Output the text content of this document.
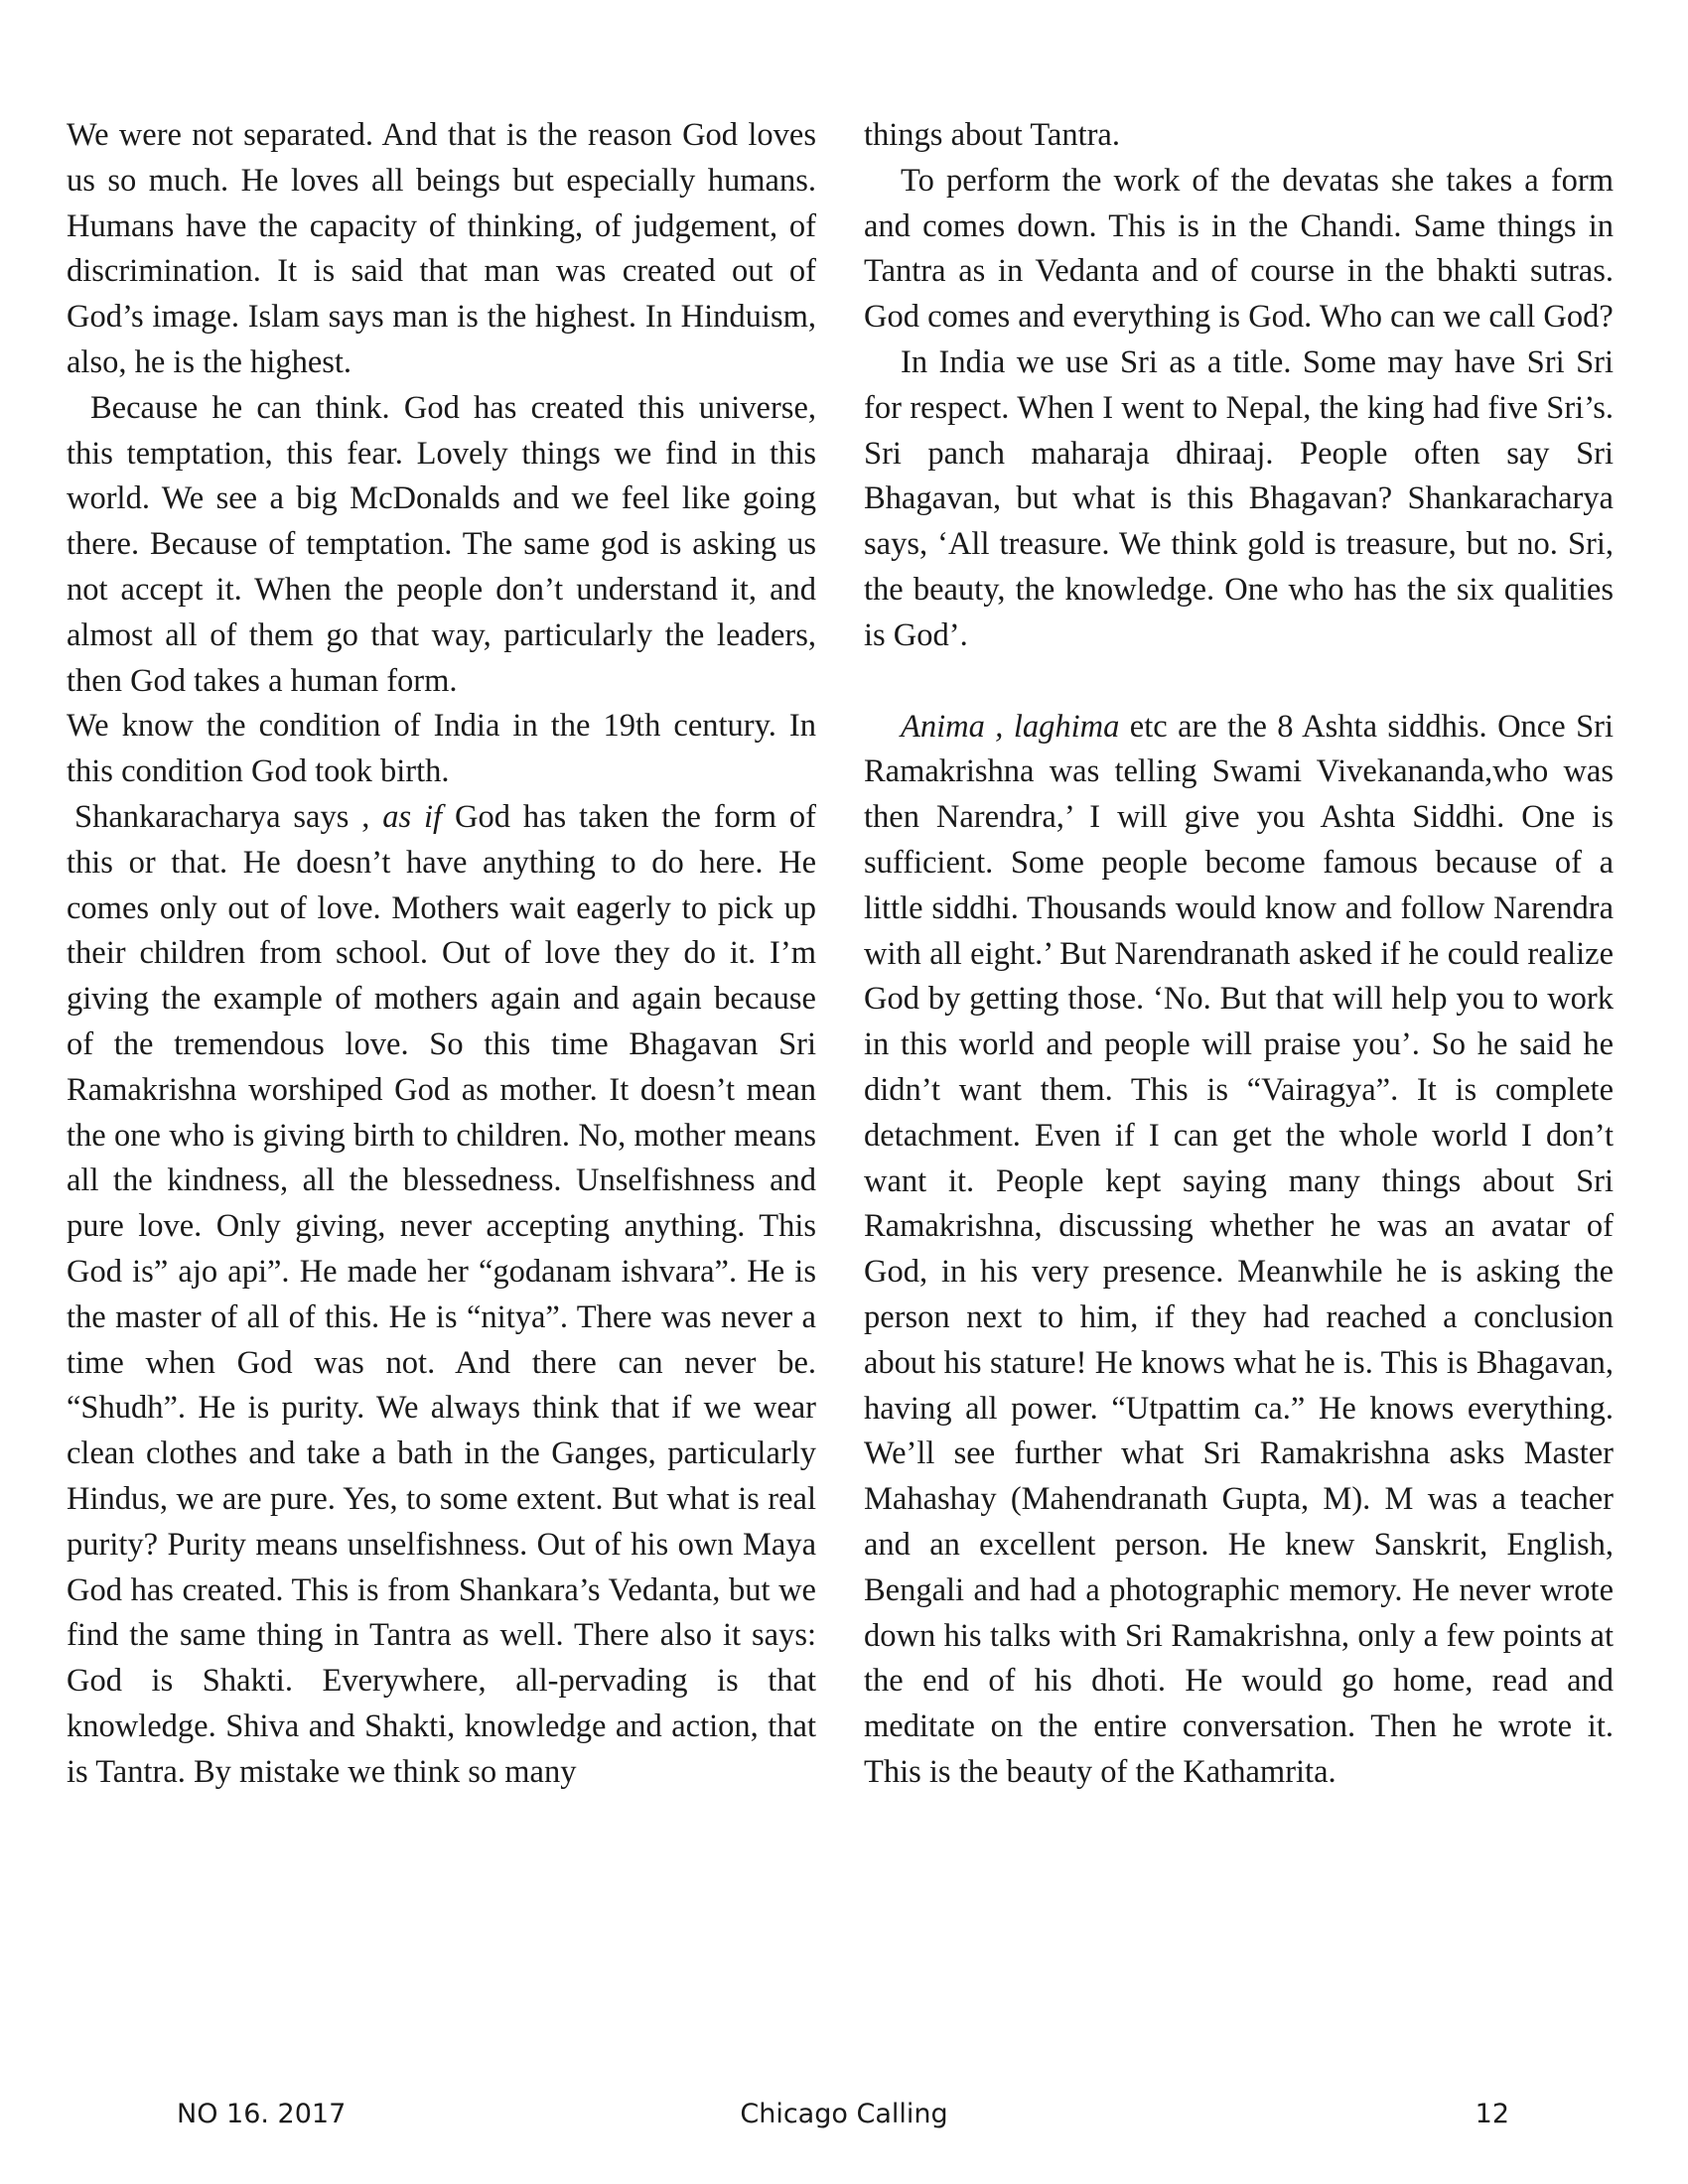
We were not separated. And that is the reason God loves us so much. He loves all beings but especially humans. Humans have the capacity of thinking, of judgement, of discrimination. It is said that man was created out of God’s image. Islam says man is the highest. In Hinduism, also, he is the highest.

Because he can think. God has created this universe, this temptation, this fear. Lovely things we find in this world. We see a big McDonalds and we feel like going there. Because of temptation. The same god is asking us not accept it. When the people don’t understand it, and almost all of them go that way, particularly the leaders, then God takes a human form.

We know the condition of India in the 19th century. In this condition God took birth.

Shankaracharya says , as if God has taken the form of this or that. He doesn’t have anything to do here. He comes only out of love. Mothers wait eagerly to pick up their children from school. Out of love they do it. I’m giving the example of mothers again and again because of the tremendous love. So this time Bhagavan Sri Ramakrishna worshiped God as mother. It doesn’t mean the one who is giving birth to children. No, mother means all the kindness, all the blessedness. Unselfishness and pure love. Only giving, never accepting anything. This God is” ajo api”. He made her “godanam ishvara”. He is the master of all of this. He is “nitya”. There was never a time when God was not. And there can never be. “Shudh”. He is purity. We always think that if we wear clean clothes and take a bath in the Ganges, particularly Hindus, we are pure. Yes, to some extent. But what is real purity? Purity means unselfishness. Out of his own Maya God has created. This is from Shankara’s Vedanta, but we find the same thing in Tantra as well. There also it says: God is Shakti. Everywhere, all-pervading is that knowledge. Shiva and Shakti, knowledge and action, that is Tantra. By mistake we think so many

things about Tantra.

To perform the work of the devatas she takes a form and comes down. This is in the Chandi. Same things in Tantra as in Vedanta and of course in the bhakti sutras. God comes and everything is God. Who can we call God?

In India we use Sri as a title. Some may have Sri Sri for respect. When I went to Nepal, the king had five Sri’s. Sri panch maharaja dhiraaj. People often say Sri Bhagavan, but what is this Bhagavan? Shankaracharya says, ‘All treasure. We think gold is treasure, but no. Sri, the beauty, the knowledge. One who has the six qualities is God’.

Anima , laghima etc are the 8 Ashta siddhis. Once Sri Ramakrishna was telling Swami Vivekananda,who was then Narendra,’ I will give you Ashta Siddhi. One is sufficient. Some people become famous because of a little siddhi. Thousands would know and follow Narendra with all eight.’ But Narendranath asked if he could realize God by getting those. ‘No. But that will help you to work in this world and people will praise you’. So he said he didn’t want them. This is “Vairagya”. It is complete detachment. Even if I can get the whole world I don’t want it. People kept saying many things about Sri Ramakrishna, discussing whether he was an avatar of God, in his very presence. Meanwhile he is asking the person next to him, if they had reached a conclusion about his stature! He knows what he is. This is Bhagavan, having all power. “Utpattim ca.” He knows everything. We’ll see further what Sri Ramakrishna asks Master Mahashay (Mahendranath Gupta, M). M was a teacher and an excellent person. He knew Sanskrit, English, Bengali and had a photographic memory. He never wrote down his talks with Sri Ramakrishna, only a few points at the end of his dhoti. He would go home, read and meditate on the entire conversation. Then he wrote it. This is the beauty of the Kathamrita.

NO 16. 2017	Chicago Calling	12
